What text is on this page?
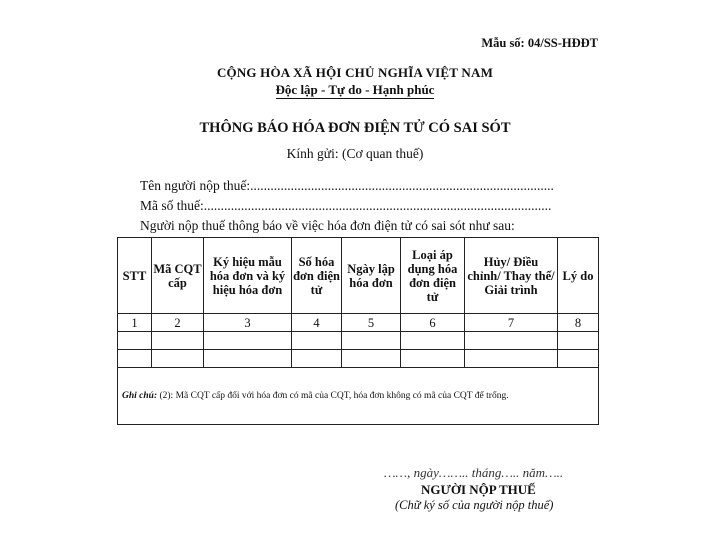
Mẫu số: 04/SS-HĐĐT
CỘNG HÒA XÃ HỘI CHỦ NGHĨA VIỆT NAM
Độc lập - Tự do - Hạnh phúc
THÔNG BÁO HÓA ĐƠN ĐIỆN TỬ CÓ SAI SÓT
Kính gửi: (Cơ quan thuế)
Tên người nộp thuế:..........................................................................................
Mã số thuế:.......................................................................................................
Người nộp thuế thông báo về việc hóa đơn điện tử có sai sót như sau:
STT	Mã CQT cấp	Ký hiệu mẫu hóa đơn và ký hiệu hóa đơn	Số hóa đơn điện tử	Ngày lập hóa đơn	Loại áp dụng hóa đơn điện tử	Hủy/ Điều chỉnh/ Thay thế/ Giải trình	Lý do
1	2	3	4	5	6	7	8

Ghi chú: (2): Mã CQT cấp đối với hóa đơn có mã của CQT, hóa đơn không có mã của CQT để trống.							
……, ngày…….. tháng….. năm…..
NGƯỜI NỘP THUẾ
(Chữ ký số của người nộp thuế)
